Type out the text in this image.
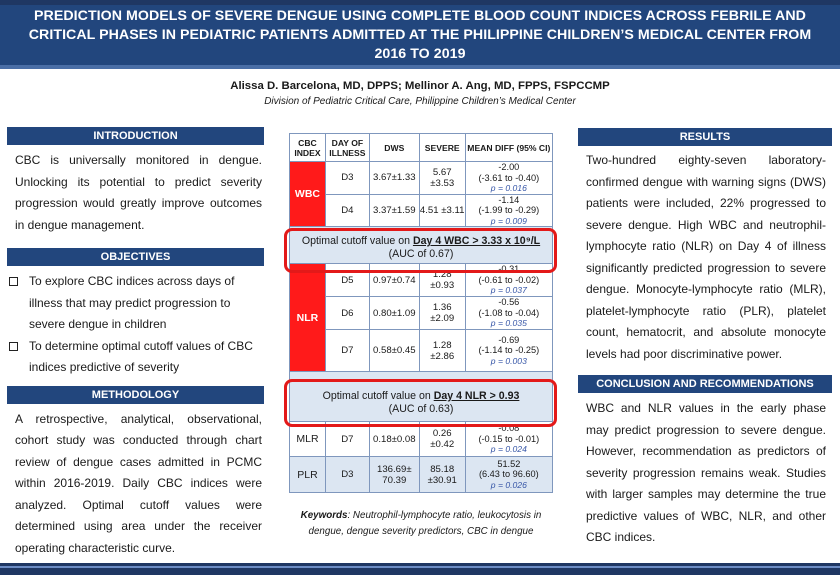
PREDICTION MODELS OF SEVERE DENGUE USING COMPLETE BLOOD COUNT INDICES ACROSS FEBRILE AND CRITICAL PHASES IN PEDIATRIC PATIENTS ADMITTED AT THE PHILIPPINE CHILDREN’S MEDICAL CENTER FROM 2016 TO 2019
Alissa D. Barcelona, MD, DPPS; Mellinor A. Ang, MD, FPPS, FSPCCMP
Division of Pediatric Critical Care, Philippine Children’s Medical Center
INTRODUCTION

CBC is universally monitored in dengue. Unlocking its potential to predict severity progression would greatly improve outcomes in dengue management.

OBJECTIVES
To explore CBC indices across days of illness that may predict progression to severe dengue in children
To determine optimal cutoff values of CBC indices predictive of severity
METHODOLOGY

A retrospective, analytical, observational, cohort study was conducted through chart review of dengue cases admitted in PCMC within 2016-2019. Daily CBC indices were analyzed. Optimal cutoff values were determined using area under the receiver operating characteristic curve.

CBC INDEX	DAY OF ILLNESS	DWS	SEVERE	MEAN DIFF (95% CI)
WBC	D3	3.67±1.33	5.67 ±3.53	-2.00
(-3.61 to -0.40)
p = 0.016

	D4	3.37±1.59	4.51 ±3.11	-1.14
(-1.99 to -0.29)
p = 0.009

NLR	D5	0.97±0.74	1.28 ±0.93	-0.31
(-0.61 to -0.02)
p = 0.037

	D6	0.80±1.09	1.36 ±2.09	-0.56
(-1.08 to -0.04)
p = 0.035

	D7	0.58±0.45	1.28 ±2.86	-0.69
(-1.14 to -0.25)
p = 0.003

MLR	D7	0.18±0.08	0.26 ±0.42	-0.08
(-0.15 to -0.01)
p = 0.024

PLR	D3	136.69± 70.39	85.18 ±30.91	51.52
(6.43 to 96.60)
p = 0.026
Optimal cutoff value on Day 4 WBC > 3.33 x 10⁹/L
(AUC of 0.67)
Optimal cutoff value on Day 4 NLR > 0.93
(AUC of 0.63)
Keywords: Neutrophil-lymphocyte ratio, leukocytosis in dengue, dengue severity predictors, CBC in dengue
RESULTS

Two-hundred eighty-seven laboratory-confirmed dengue with warning signs (DWS) patients were included, 22% progressed to severe dengue. High WBC and neutrophil-lymphocyte ratio (NLR) on Day 4 of illness significantly predicted progression to severe dengue. Monocyte-lymphocyte ratio (MLR), platelet-lymphocyte ratio (PLR), platelet count, hematocrit, and absolute monocyte levels had poor discriminative power.

CONCLUSION AND RECOMMENDATIONS

WBC and NLR values in the early phase may predict progression to severe dengue. However, recommendation as predictors of severity progression remains weak. Studies with larger samples may determine the true predictive values of WBC, NLR, and other CBC indices.
